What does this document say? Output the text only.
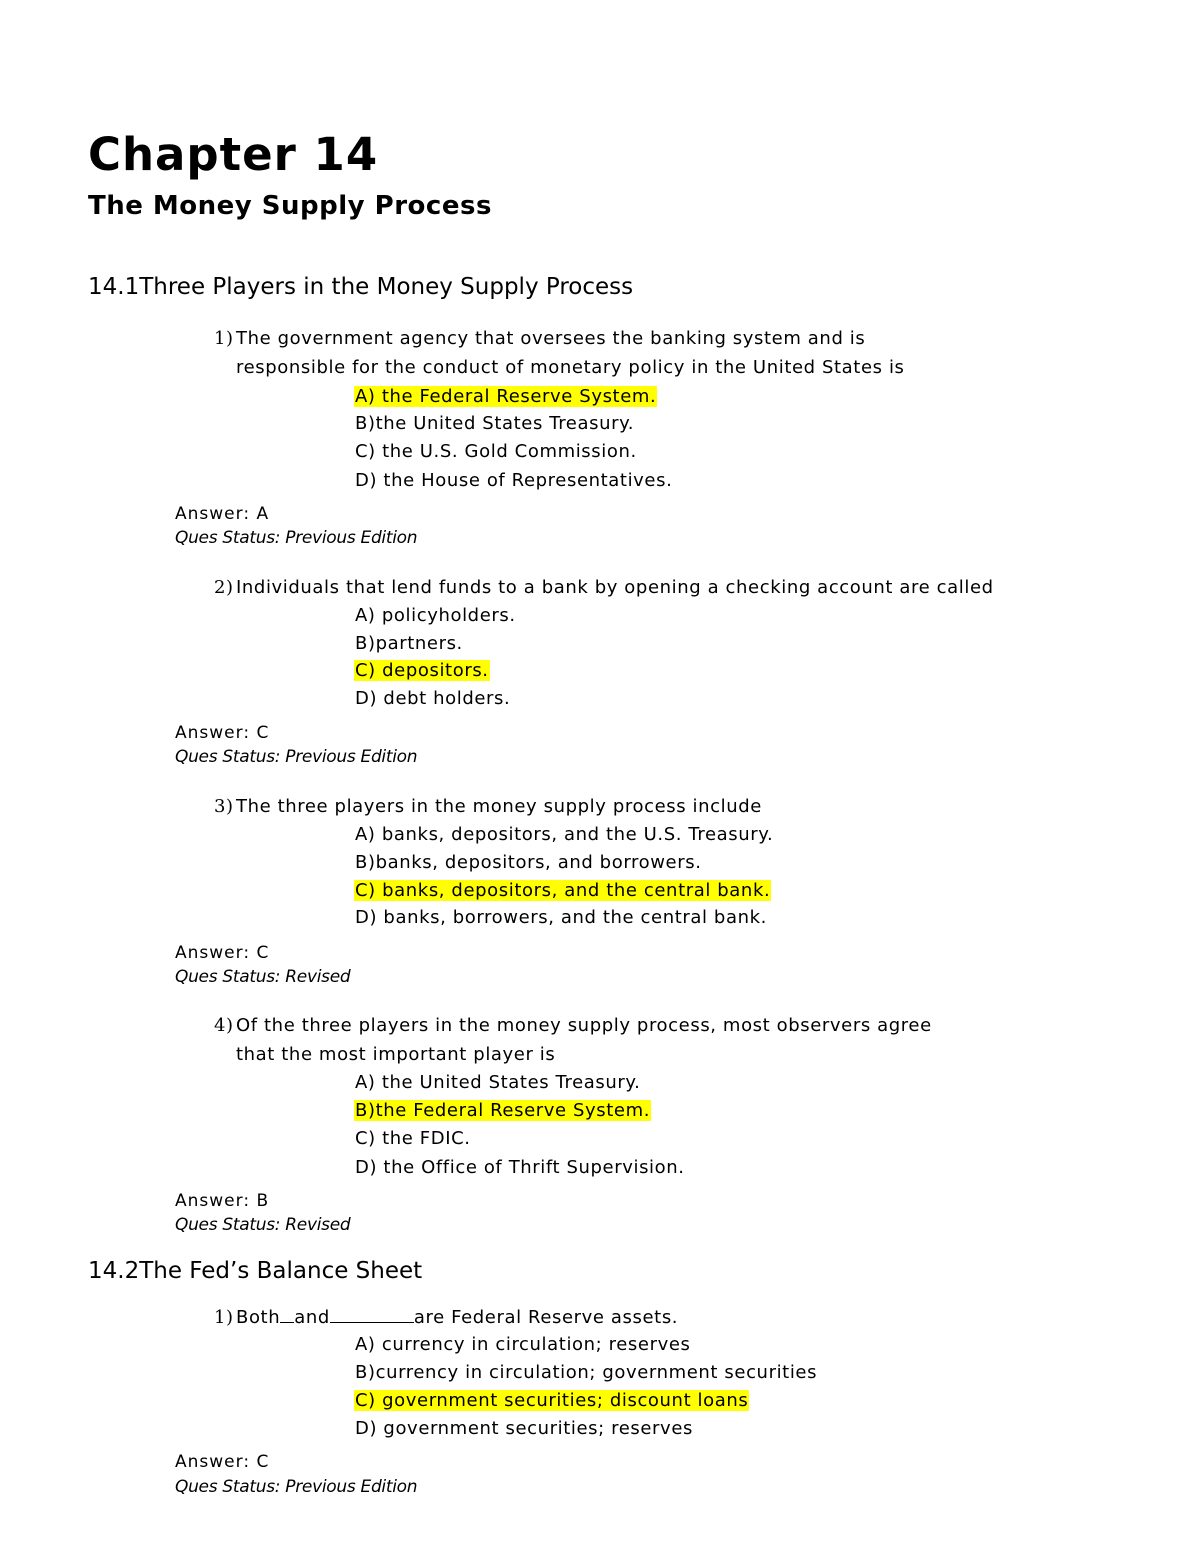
Chapter 14
The Money Supply Process
14.1Three Players in the Money Supply Process
1) The government agency that oversees the banking system and is
responsible for the conduct of monetary policy in the United States is
A) the Federal Reserve System.
B)the United States Treasury.
C) the U.S. Gold Commission.
D) the House of Representatives.
Answer: A
Ques Status: Previous Edition
2) Individuals that lend funds to a bank by opening a checking account are called
A) policyholders.
B)partners.
C) depositors.
D) debt holders.
Answer: C
Ques Status: Previous Edition
3) The three players in the money supply process include
A) banks, depositors, and the U.S. Treasury.
B)banks, depositors, and borrowers.
C) banks, depositors, and the central bank.
D) banks, borrowers, and the central bank.
Answer: C
Ques Status: Revised
4) Of the three players in the money supply process, most observers agree
that the most important player is
A) the United States Treasury.
B)the Federal Reserve System.
C) the FDIC.
D) the Office of Thrift Supervision.
Answer: B
Ques Status: Revised
14.2The Fed’s Balance Sheet
1) Both and	are Federal Reserve assets.
A) currency in circulation; reserves
B)currency in circulation; government securities
C) government securities; discount loans
D) government securities; reserves
Answer: C
Ques Status: Previous Edition
